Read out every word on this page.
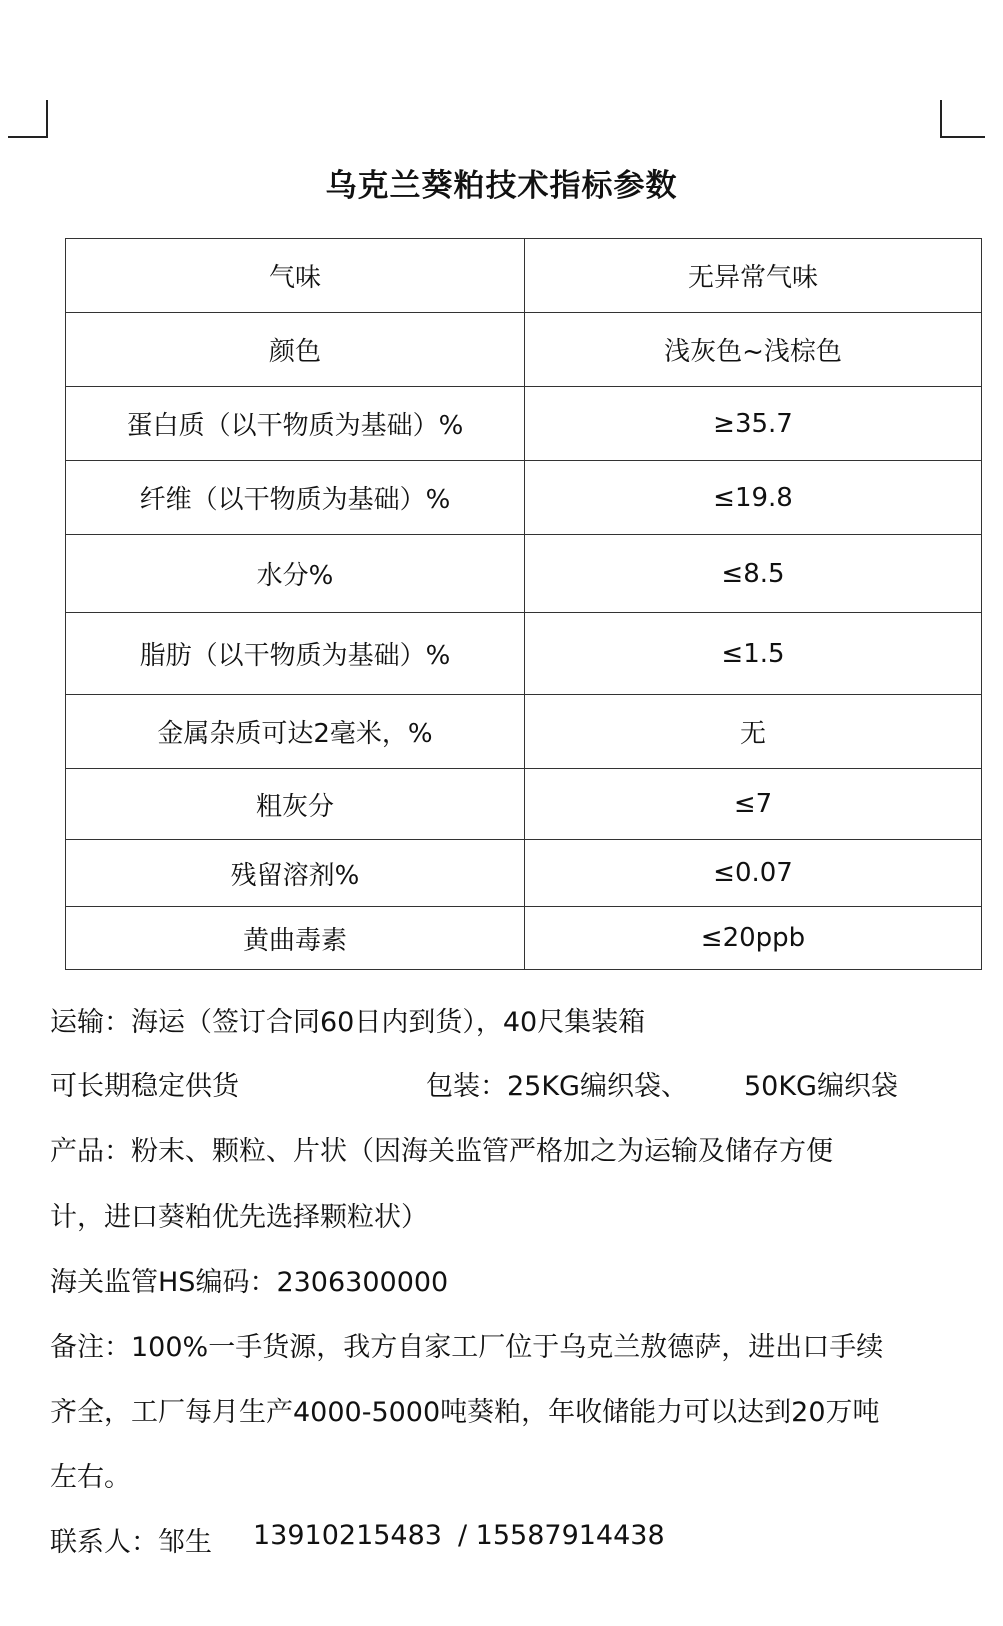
乌克兰葵粕技术指标参数
气味	无异常气味
颜色	浅灰色~浅棕色
蛋白质（以干物质为基础）%	≥35.7
纤维（以干物质为基础）%	≤19.8
水分%	≤8.5
脂肪（以干物质为基础）%	≤1.5
金属杂质可达2毫米，%	无
粗灰分	≤7
残留溶剂%	≤0.07
黄曲毒素	≤20ppb
运输：海运（签订合同60日内到货），40尺集装箱
可长期稳定供货	包装：25KG编织袋、 50KG编织袋
产品：粉末、颗粒、片状（因海关监管严格加之为运输及储存方便
计，进口葵粕优先选择颗粒状）
海关监管HS编码：2306300000
备注：100%一手货源，我方自家工厂位于乌克兰敖德萨，进出口手续
齐全，工厂每月生产4000-5000吨葵粕，年收储能力可以达到20万吨
左右。
联系人：邹生 13910215483 / 15587914438
